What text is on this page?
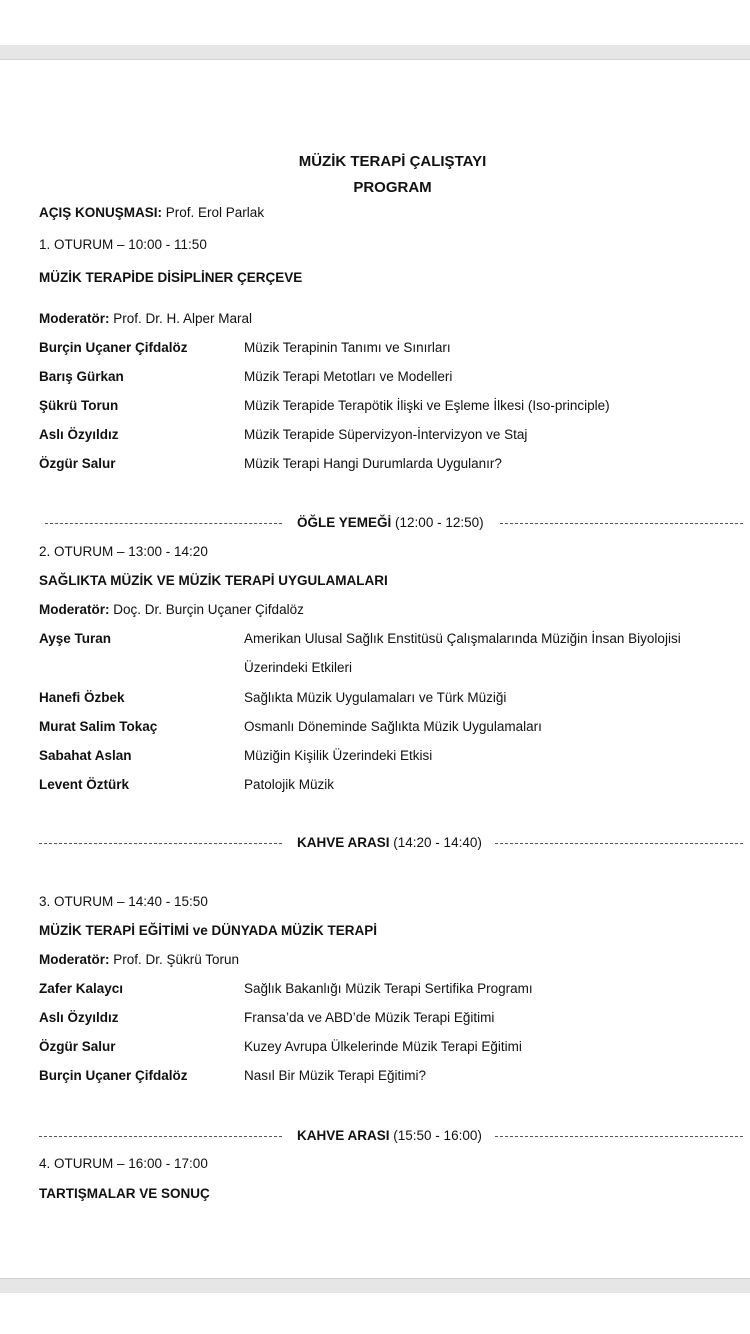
MÜZİK TERAPİ ÇALIŞTAYI
PROGRAM
AÇIŞ KONUŞMASI: Prof. Erol Parlak
1. OTURUM – 10:00 - 11:50
MÜZİK TERAPİDE DİSİPLİNER ÇERÇEVE
Moderatör: Prof. Dr. H. Alper Maral
Burçin Uçaner Çifdalöz	Müzik Terapinin Tanımı ve Sınırları
Barış Gürkan	Müzik Terapi Metotları ve Modelleri
Şükrü Torun	Müzik Terapide Terapötik İlişki ve Eşleme İlkesi (Iso-principle)
Aslı Özyıldız	Müzik Terapide Süpervizyon-İntervizyon ve Staj
Özgür Salur	Müzik Terapi Hangi Durumlarda Uygulanır?
ÖĞLE YEMEĞİ (12:00 - 12:50)
2. OTURUM – 13:00 - 14:20
SAĞLIKTA MÜZİK VE MÜZİK TERAPİ UYGULAMALARI
Moderatör: Doç. Dr. Burçin Uçaner Çifdalöz
Ayşe Turan	Amerikan Ulusal Sağlık Enstitüsü Çalışmalarında Müziğin İnsan Biyolojisi
Üzerindeki Etkileri
Hanefi Özbek	Sağlıkta Müzik Uygulamaları ve Türk Müziği
Murat Salim Tokaç	Osmanlı Döneminde Sağlıkta Müzik Uygulamaları
Sabahat Aslan	Müziğin Kişilik Üzerindeki Etkisi
Levent Öztürk	Patolojik Müzik
KAHVE ARASI (14:20 - 14:40)
3. OTURUM – 14:40 - 15:50
MÜZİK TERAPİ EĞİTİMİ ve DÜNYADA MÜZİK TERAPİ
Moderatör: Prof. Dr. Şükrü Torun
Zafer Kalaycı	Sağlık Bakanlığı Müzik Terapi Sertifika Programı
Aslı Özyıldız	Fransa’da ve ABD’de Müzik Terapi Eğitimi
Özgür Salur	Kuzey Avrupa Ülkelerinde Müzik Terapi Eğitimi
Burçin Uçaner Çifdalöz	Nasıl Bir Müzik Terapi Eğitimi?
KAHVE ARASI (15:50 - 16:00)
4. OTURUM – 16:00 - 17:00
TARTIŞMALAR VE SONUÇ
